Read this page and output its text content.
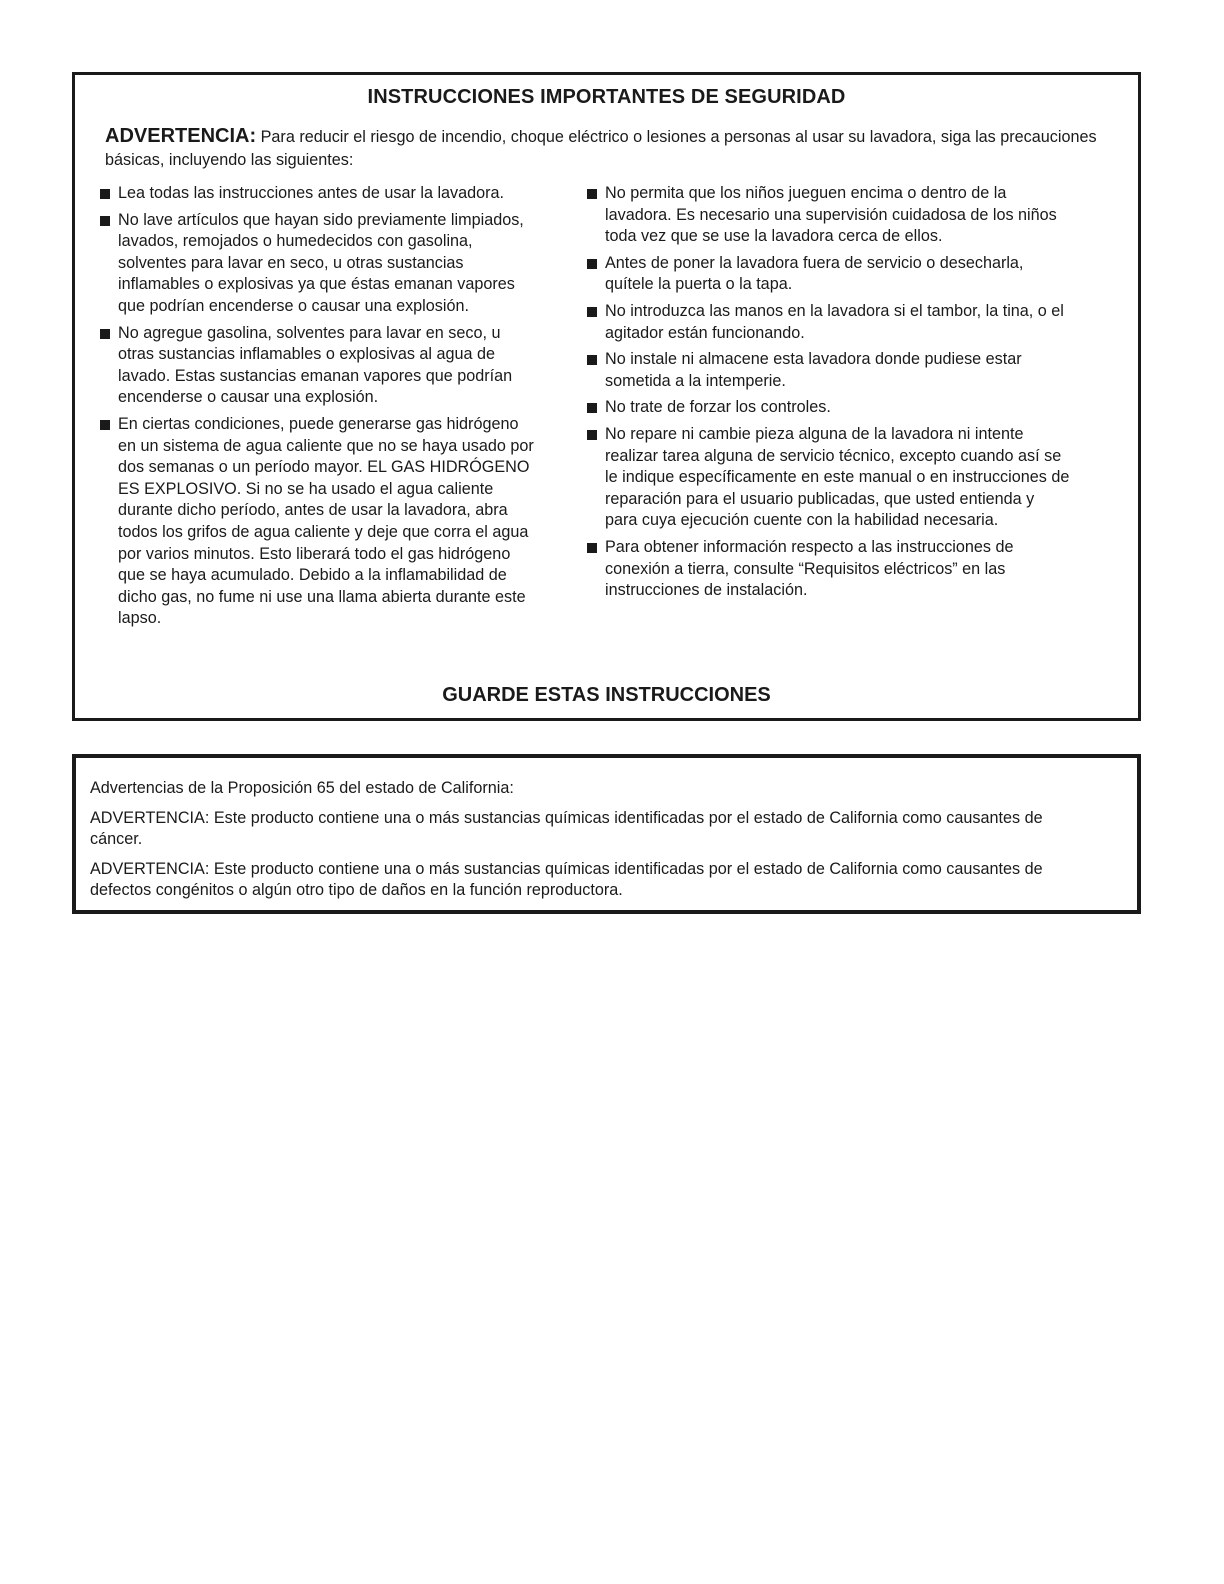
INSTRUCCIONES IMPORTANTES DE SEGURIDAD
ADVERTENCIA: Para reducir el riesgo de incendio, choque eléctrico o lesiones a personas al usar su lavadora, siga las precauciones básicas, incluyendo las siguientes:
Lea todas las instrucciones antes de usar la lavadora.
No lave artículos que hayan sido previamente limpiados, lavados, remojados o humedecidos con gasolina, solventes para lavar en seco, u otras sustancias inflamables o explosivas ya que éstas emanan vapores que podrían encenderse o causar una explosión.
No agregue gasolina, solventes para lavar en seco, u otras sustancias inflamables o explosivas al agua de lavado. Estas sustancias emanan vapores que podrían encenderse o causar una explosión.
En ciertas condiciones, puede generarse gas hidrógeno en un sistema de agua caliente que no se haya usado por dos semanas o un período mayor. EL GAS HIDRÓGENO ES EXPLOSIVO. Si no se ha usado el agua caliente durante dicho período, antes de usar la lavadora, abra todos los grifos de agua caliente y deje que corra el agua por varios minutos. Esto liberará todo el gas hidrógeno que se haya acumulado. Debido a la inflamabilidad de dicho gas, no fume ni use una llama abierta durante este lapso.
No permita que los niños jueguen encima o dentro de la lavadora. Es necesario una supervisión cuidadosa de los niños toda vez que se use la lavadora cerca de ellos.
Antes de poner la lavadora fuera de servicio o desecharla, quítele la puerta o la tapa.
No introduzca las manos en la lavadora si el tambor, la tina, o el agitador están funcionando.
No instale ni almacene esta lavadora donde pudiese estar sometida a la intemperie.
No trate de forzar los controles.
No repare ni cambie pieza alguna de la lavadora ni intente realizar tarea alguna de servicio técnico, excepto cuando así se le indique específicamente en este manual o en instrucciones de reparación para el usuario publicadas, que usted entienda y para cuya ejecución cuente con la habilidad necesaria.
Para obtener información respecto a las instrucciones de conexión a tierra, consulte “Requisitos eléctricos” en las instrucciones de instalación.
GUARDE ESTAS INSTRUCCIONES

Advertencias de la Proposición 65 del estado de California:

ADVERTENCIA: Este producto contiene una o más sustancias químicas identificadas por el estado de California como causantes de cáncer.

ADVERTENCIA: Este producto contiene una o más sustancias químicas identificadas por el estado de California como causantes de defectos congénitos o algún otro tipo de daños en la función reproductora.
